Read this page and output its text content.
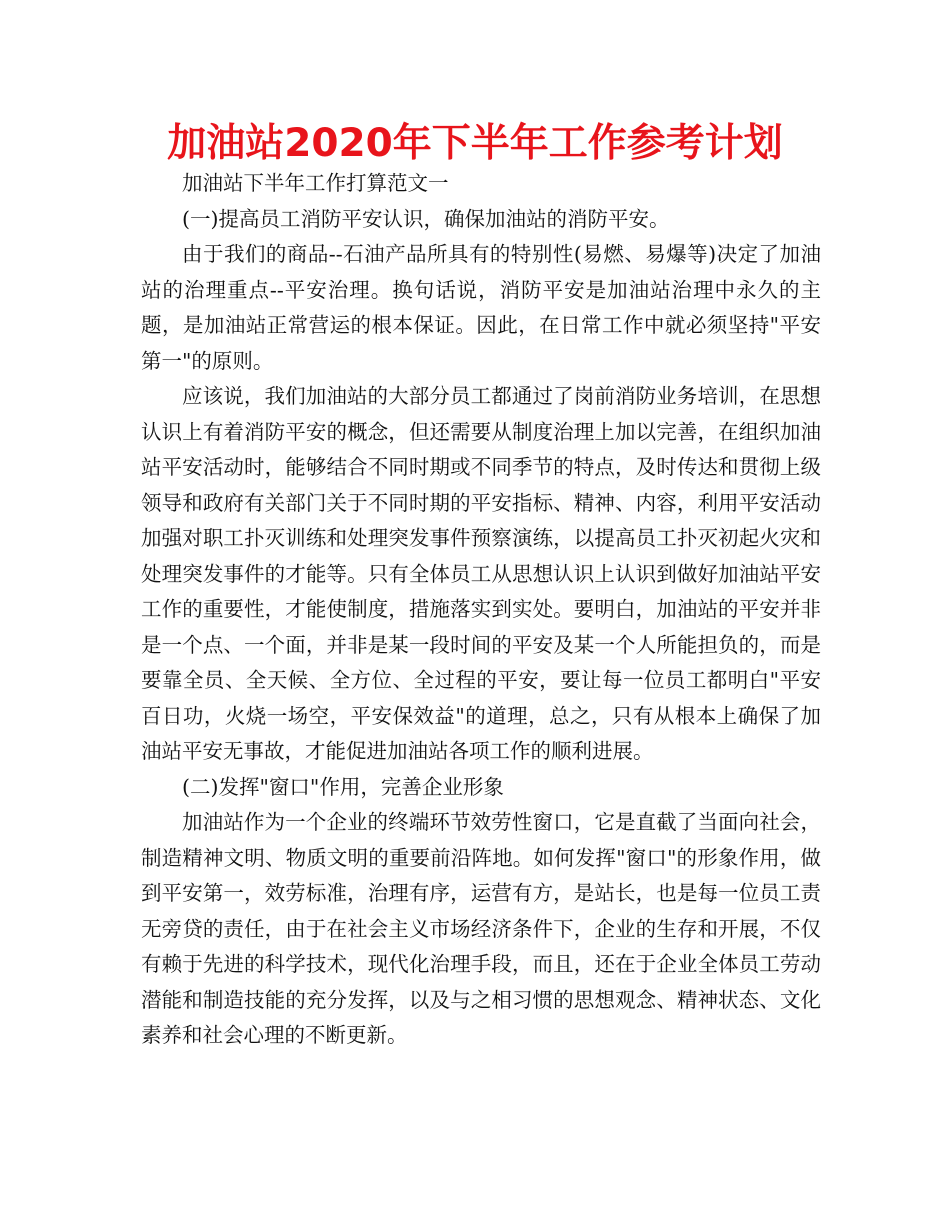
加油站2020年下半年工作参考计划

加油站下半年工作打算范文一

(一)提高员工消防平安认识，确保加油站的消防平安。

由于我们的商品--石油产品所具有的特别性(易燃、易爆等)决定了加油站的治理重点--平安治理。换句话说，消防平安是加油站治理中永久的主题，是加油站正常营运的根本保证。因此，在日常工作中就必须坚持"平安第一"的原则。

应该说，我们加油站的大部分员工都通过了岗前消防业务培训，在思想认识上有着消防平安的概念，但还需要从制度治理上加以完善，在组织加油站平安活动时，能够结合不同时期或不同季节的特点，及时传达和贯彻上级领导和政府有关部门关于不同时期的平安指标、精神、内容，利用平安活动加强对职工扑灭训练和处理突发事件预察演练，以提高员工扑灭初起火灾和处理突发事件的才能等。只有全体员工从思想认识上认识到做好加油站平安工作的重要性，才能使制度，措施落实到实处。要明白，加油站的平安并非是一个点、一个面，并非是某一段时间的平安及某一个人所能担负的，而是要靠全员、全天候、全方位、全过程的平安，要让每一位员工都明白"平安百日功，火烧一场空，平安保效益"的道理，总之，只有从根本上确保了加油站平安无事故，才能促进加油站各项工作的顺利进展。

(二)发挥"窗口"作用，完善企业形象

加油站作为一个企业的终端环节效劳性窗口，它是直截了当面向社会，制造精神文明、物质文明的重要前沿阵地。如何发挥"窗口"的形象作用，做到平安第一，效劳标准，治理有序，运营有方，是站长，也是每一位员工责无旁贷的责任，由于在社会主义市场经济条件下，企业的生存和开展，不仅有赖于先进的科学技术，现代化治理手段，而且，还在于企业全体员工劳动潜能和制造技能的充分发挥，以及与之相习惯的思想观念、精神状态、文化素养和社会心理的不断更新。
